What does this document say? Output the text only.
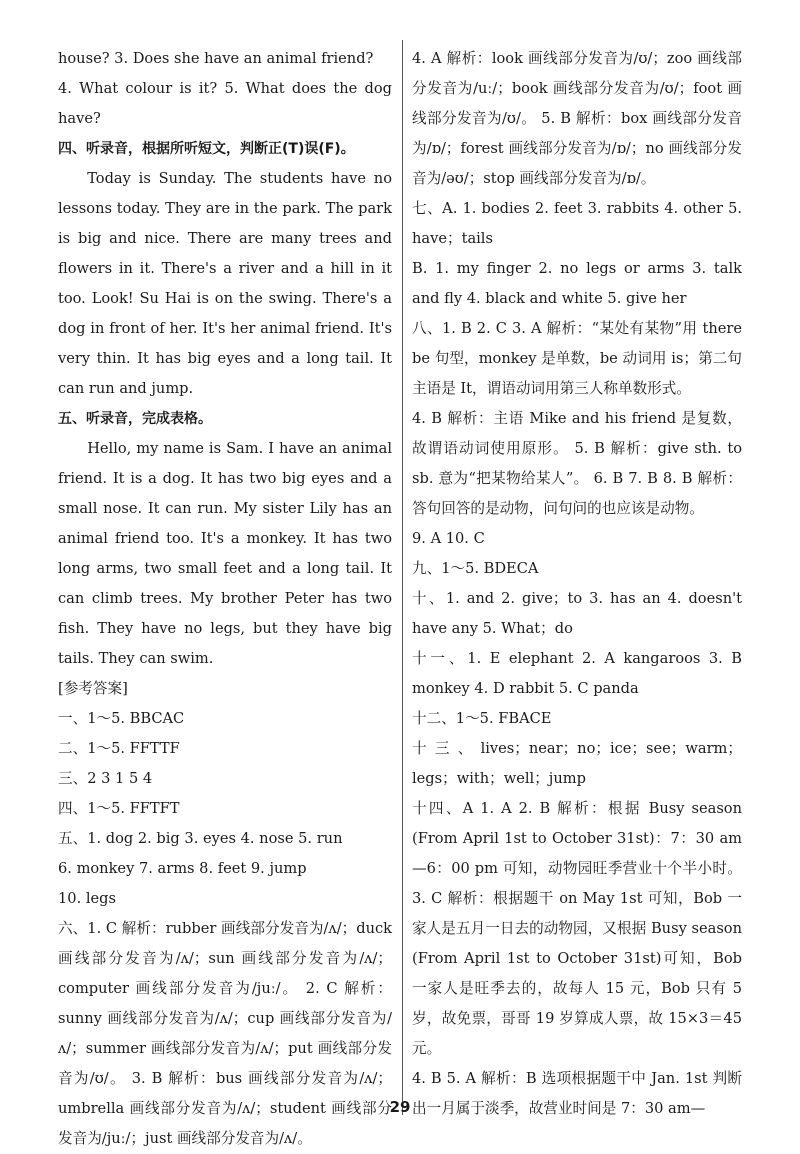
house? 3. Does she have an animal friend?
4. What colour is it? 5. What does the dog have?
四、听录音，根据所听短文，判断正(T)误(F)。
Today is Sunday. The students have no lessons today. They are in the park. The park is big and nice. There are many trees and flowers in it. There's a river and a hill in it too. Look! Su Hai is on the swing. There's a dog in front of her. It's her animal friend. It's very thin. It has big eyes and a long tail. It can run and jump.
五、听录音，完成表格。
Hello, my name is Sam. I have an animal friend. It is a dog. It has two big eyes and a small nose. It can run. My sister Lily has an animal friend too. It's a monkey. It has two long arms, two small feet and a long tail. It can climb trees. My brother Peter has two fish. They have no legs, but they have big tails. They can swim.
[参考答案]
一、1～5. BBCAC
二、1～5. FFTTF
三、2 3 1 5 4
四、1～5. FFTFT
五、1. dog 2. big 3. eyes 4. nose 5. run
6. monkey 7. arms 8. feet 9. jump
10. legs
六、1. C 解析：rubber 画线部分发音为/ʌ/；duck 画线部分发音为/ʌ/；sun 画线部分发音为/ʌ/；computer 画线部分发音为/juː/。 2. C 解析：sunny 画线部分发音为/ʌ/；cup 画线部分发音为/ʌ/；summer 画线部分发音为/ʌ/；put 画线部分发音为/ʊ/。 3. B 解析：bus 画线部分发音为/ʌ/；umbrella 画线部分发音为/ʌ/；student 画线部分发音为/juː/；just 画线部分发音为/ʌ/。
4. A 解析：look 画线部分发音为/ʊ/；zoo 画线部分发音为/uː/；book 画线部分发音为/ʊ/；foot 画线部分发音为/ʊ/。 5. B 解析：box 画线部分发音为/ɒ/；forest 画线部分发音为/ɒ/；no 画线部分发音为/əʊ/；stop 画线部分发音为/ɒ/。
七、A. 1. bodies 2. feet 3. rabbits 4. other 5. have；tails
B. 1. my finger 2. no legs or arms 3. talk and fly 4. black and white 5. give her
八、1. B 2. C 3. A 解析：“某处有某物”用 there be 句型，monkey 是单数，be 动词用 is；第二句主语是 It，谓语动词用第三人称单数形式。
4. B 解析：主语 Mike and his friend 是复数，故谓语动词使用原形。 5. B 解析：give sth. to sb. 意为“把某物给某人”。 6. B 7. B 8. B 解析：答句回答的是动物，问句问的也应该是动物。
9. A 10. C
九、1～5. BDECA
十、1. and 2. give；to 3. has an 4. doesn't have any 5. What；do
十一、1. E elephant 2. A kangaroos 3. B monkey 4. D rabbit 5. C panda
十二、1～5. FBACE
十三、lives；near；no；ice；see；warm；legs；with；well；jump
十四、A 1. A 2. B 解析：根据 Busy season (From April 1st to October 31st)：7：30 am—6：00 pm 可知，动物园旺季营业十个半小时。 3. C 解析：根据题干 on May 1st 可知，Bob 一家人是五月一日去的动物园，又根据 Busy season (From April 1st to October 31st)可知，Bob 一家人是旺季去的，故每人 15 元，Bob 只有 5 岁，故免票，哥哥 19 岁算成人票，故 15×3＝45 元。
4. B 5. A 解析：B 选项根据题干中 Jan. 1st 判断出一月属于淡季，故营业时间是 7：30 am—
29
